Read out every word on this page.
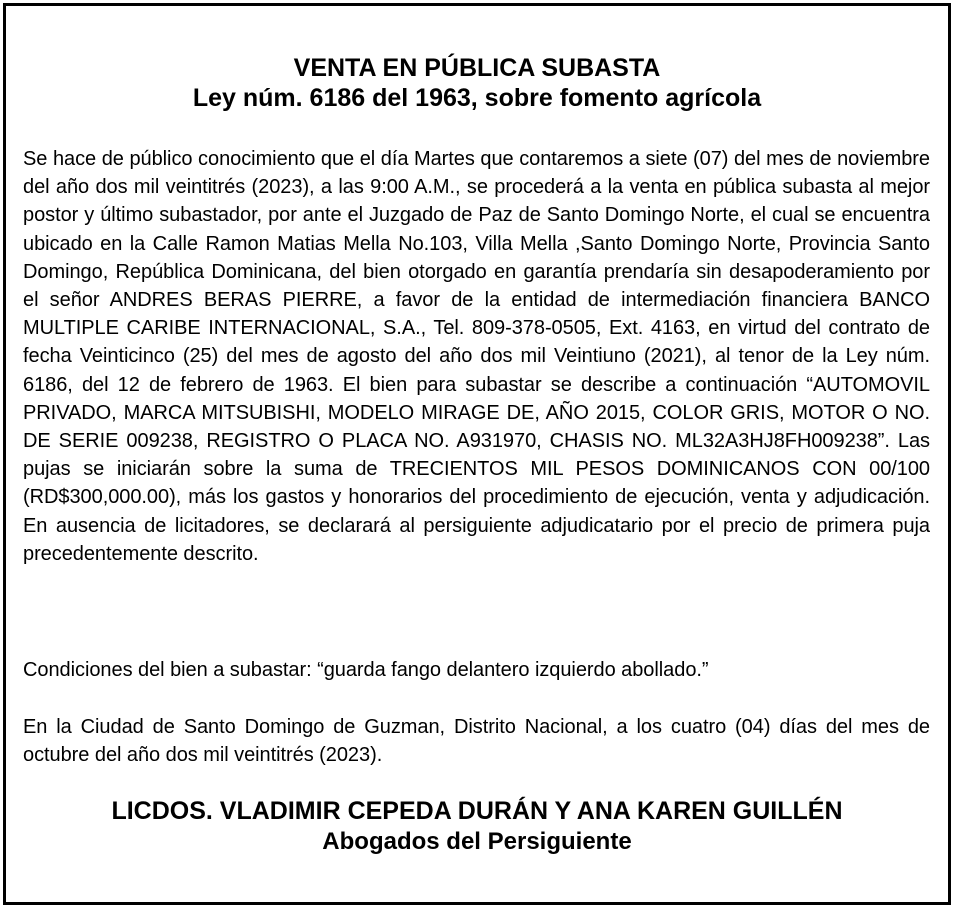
VENTA EN PÚBLICA SUBASTA
Ley núm. 6186 del 1963, sobre fomento agrícola

Se hace de público conocimiento que el día Martes que contaremos a siete (07) del mes de noviembre del año dos mil veintitrés (2023), a las 9:00 A.M., se procederá a la venta en pública subasta al mejor postor y último subastador, por ante el Juzgado de Paz de Santo Domingo Norte, el cual se encuentra ubicado en la Calle Ramon Matias Mella No.103, Villa Mella ,Santo Domingo Norte, Provincia Santo Domingo, República Dominicana, del bien otorgado en garantía prendaría sin desapoderamiento por el señor ANDRES BERAS PIERRE, a favor de la entidad de intermediación financiera BANCO MULTIPLE CARIBE INTERNACIONAL, S.A., Tel. 809-378-0505, Ext. 4163, en virtud del contrato de fecha Veinticinco (25) del mes de agosto del año dos mil Veintiuno (2021), al tenor de la Ley núm. 6186, del 12 de febrero de 1963. El bien para subastar se describe a continuación “AUTOMOVIL PRIVADO, MARCA MITSUBISHI, MODELO MIRAGE DE, AÑO 2015, COLOR GRIS, MOTOR O NO. DE SERIE 009238, REGISTRO O PLACA NO. A931970, CHASIS NO. ML32A3HJ8FH009238”. Las pujas se iniciarán sobre la suma de TRECIENTOS MIL PESOS DOMINICANOS CON 00/100 (RD$300,000.00), más los gastos y honorarios del procedimiento de ejecución, venta y adjudicación. En ausencia de licitadores, se declarará al persiguiente adjudicatario por el precio de primera puja precedentemente descrito.

Condiciones del bien a subastar: “guarda fango delantero izquierdo abollado.”

En la Ciudad de Santo Domingo de Guzman, Distrito Nacional, a los cuatro (04) días del mes de octubre del año dos mil veintitrés (2023).

LICDOS. VLADIMIR CEPEDA DURÁN Y ANA KAREN GUILLÉN

Abogados del Persiguiente
